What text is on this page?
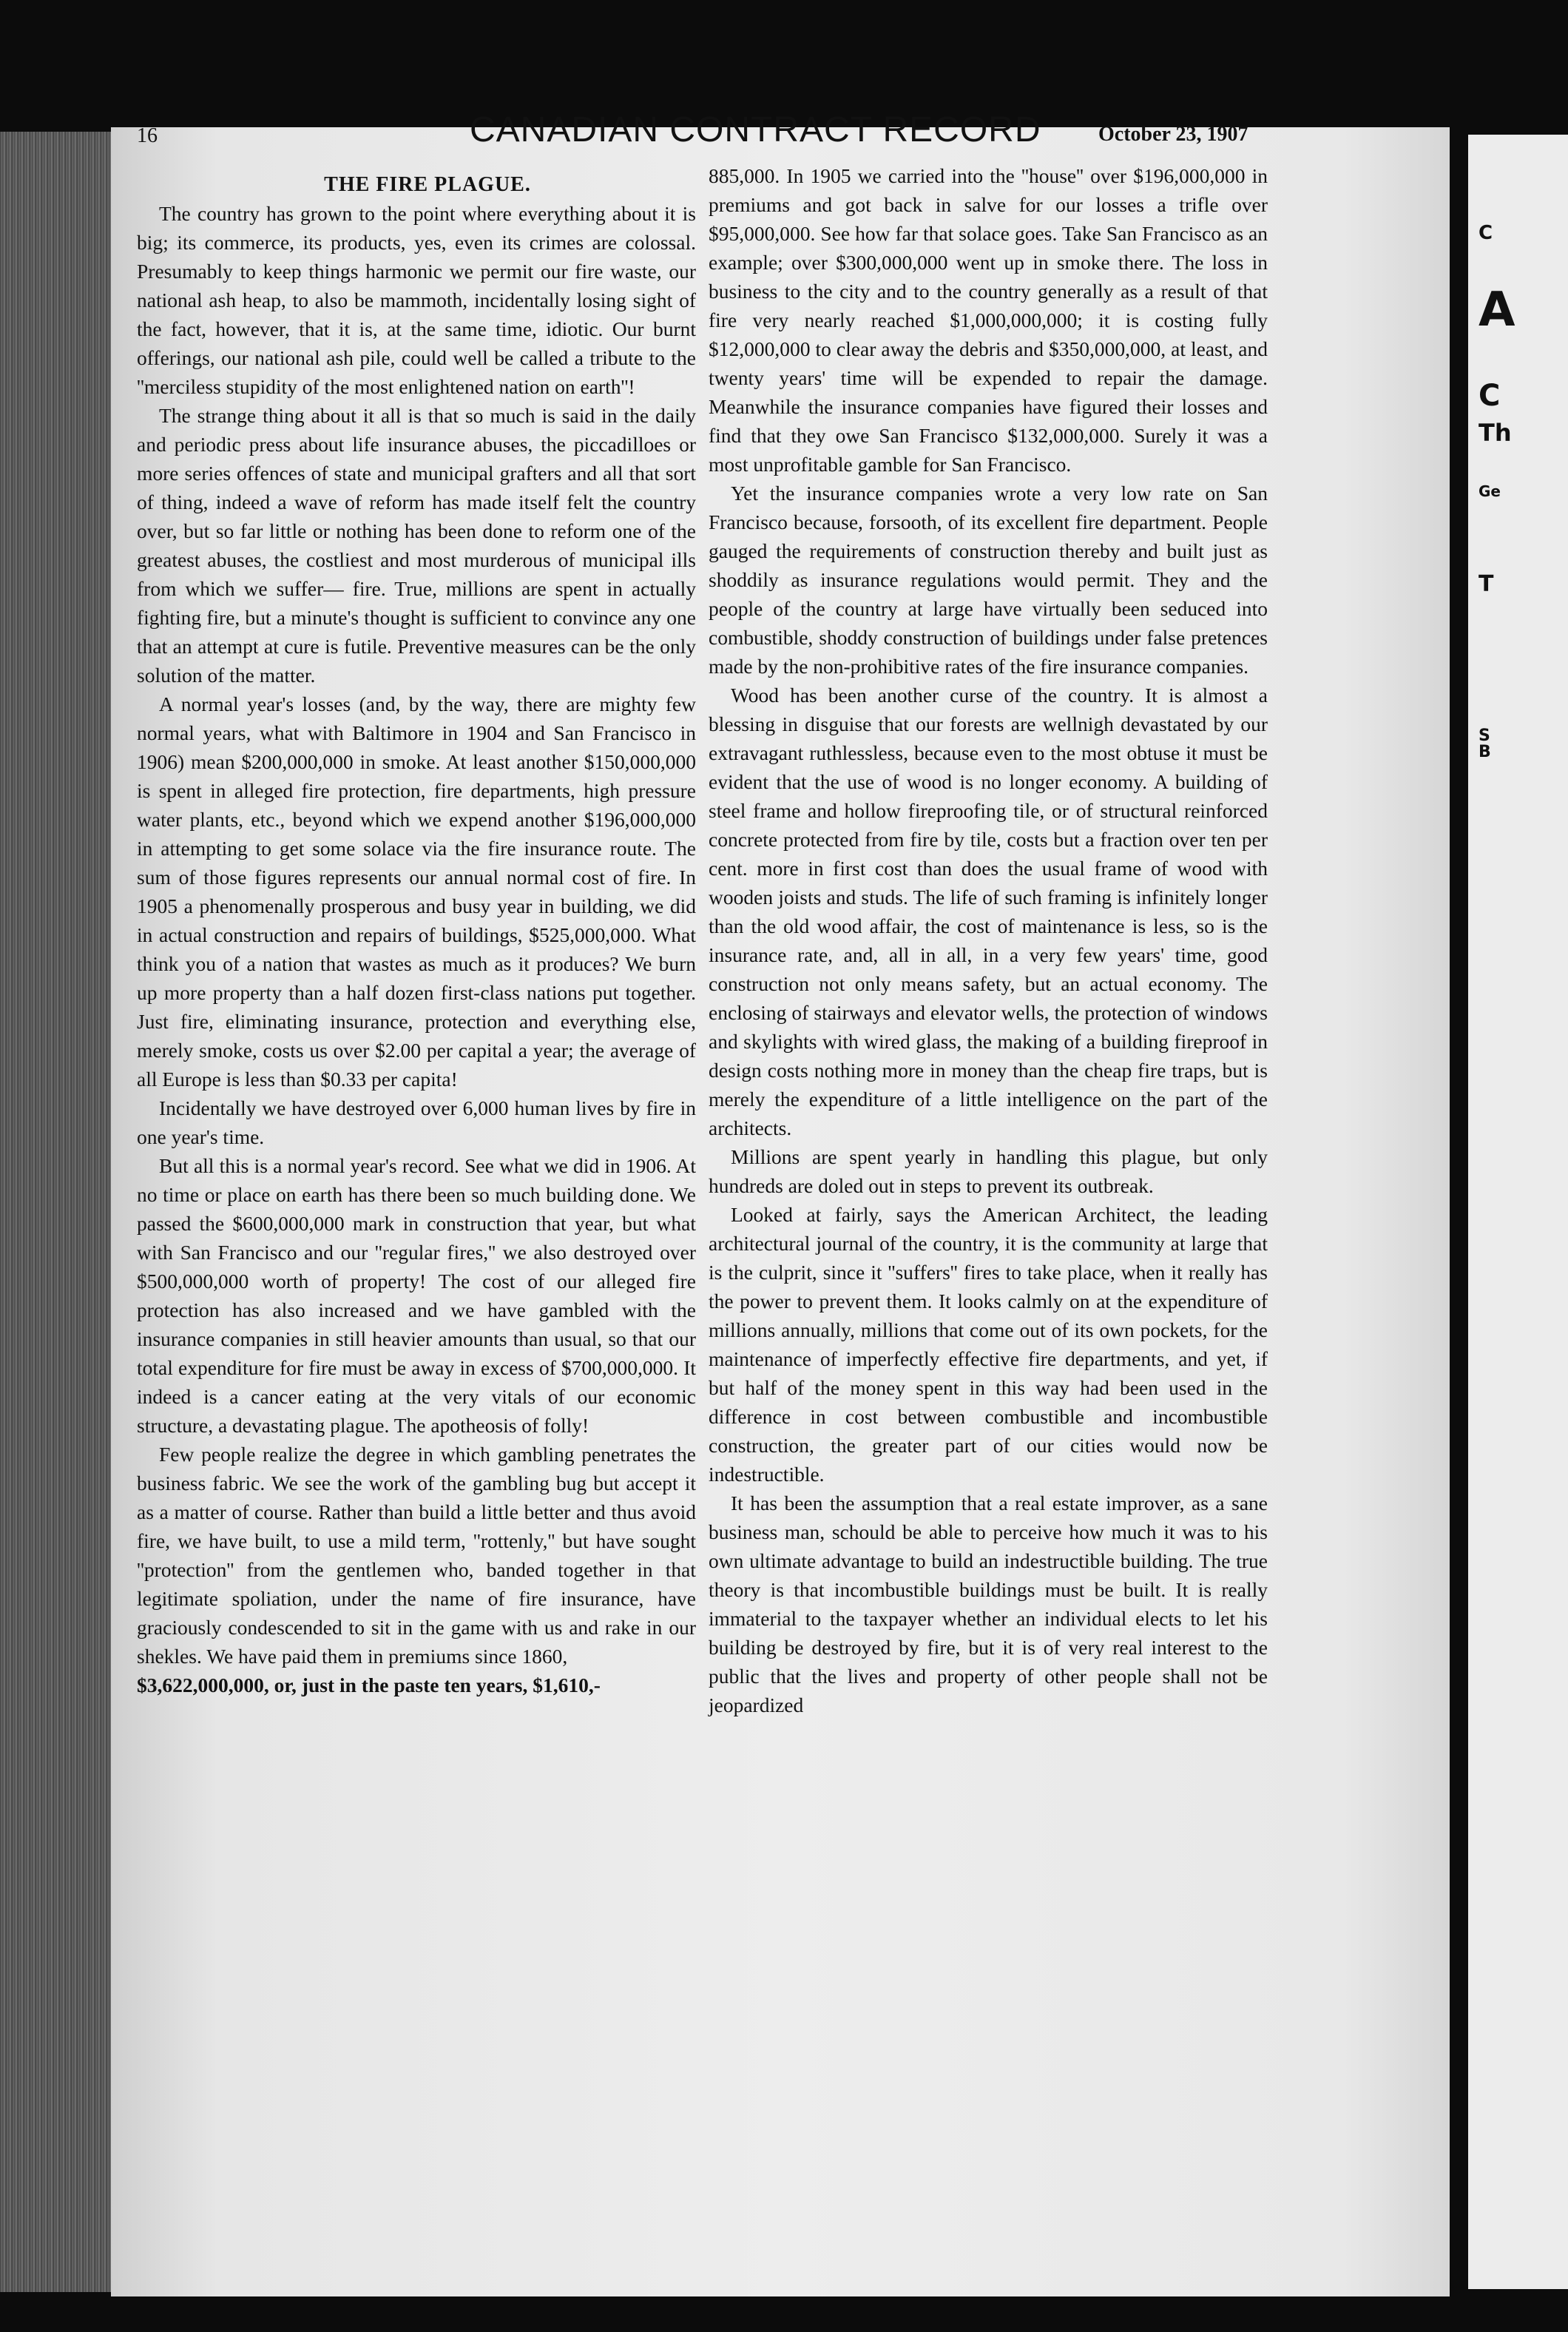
C
A
C
Th
Ge
T
S
B
16	CANADIAN CONTRACT RECORD	October 23, 1907

THE FIRE PLAGUE.

The country has grown to the point where everything about it is big; its commerce, its products, yes, even its crimes are colossal. Presumably to keep things harmonic we permit our fire waste, our national ash heap, to also be mammoth, incidentally losing sight of the fact, however, that it is, at the same time, idiotic. Our burnt offerings, our national ash pile, could well be called a tribute to the ''merciless stupidity of the most enlightened nation on earth''!

The strange thing about it all is that so much is said in the daily and periodic press about life insurance abuses, the piccadilloes or more series offences of state and municipal grafters and all that sort of thing, indeed a wave of reform has made itself felt the country over, but so far little or nothing has been done to reform one of the greatest abuses, the costliest and most murderous of municipal ills from which we suffer— fire. True, millions are spent in actually fighting fire, but a minute's thought is sufficient to convince any one that an attempt at cure is futile. Preventive measures can be the only solution of the matter.

A normal year's losses (and, by the way, there are mighty few normal years, what with Baltimore in 1904 and San Francisco in 1906) mean $200,000,000 in smoke. At least another $150,000,000 is spent in alleged fire protection, fire departments, high pressure water plants, etc., beyond which we expend another $196,000,000 in attempting to get some solace via the fire insurance route. The sum of those figures represents our annual normal cost of fire. In 1905 a phenomenally prosperous and busy year in building, we did in actual construction and repairs of buildings, $525,000,000. What think you of a nation that wastes as much as it produces? We burn up more property than a half dozen first-class nations put together. Just fire, eliminating insurance, protection and everything else, merely smoke, costs us over $2.00 per capital a year; the average of all Europe is less than $0.33 per capita!

Incidentally we have destroyed over 6,000 human lives by fire in one year's time.

But all this is a normal year's record. See what we did in 1906. At no time or place on earth has there been so much building done. We passed the $600,000,000 mark in construction that year, but what with San Francisco and our ''regular fires,'' we also destroyed over $500,000,000 worth of property! The cost of our alleged fire protection has also increased and we have gambled with the insurance companies in still heavier amounts than usual, so that our total expenditure for fire must be away in excess of $700,000,000. It indeed is a cancer eating at the very vitals of our economic structure, a devastating plague. The apotheosis of folly!

Few people realize the degree in which gambling penetrates the business fabric. We see the work of the gambling bug but accept it as a matter of course. Rather than build a little better and thus avoid fire, we have built, to use a mild term, ''rottenly,'' but have sought ''protection'' from the gentlemen who, banded together in that legitimate spoliation, under the name of fire insurance, have graciously condescended to sit in the game with us and rake in our shekles. We have paid them in premiums since 1860,

$3,622,000,000, or, just in the paste ten years, $1,610,-

885,000. In 1905 we carried into the ''house'' over $196,000,000 in premiums and got back in salve for our losses a trifle over $95,000,000. See how far that solace goes. Take San Francisco as an example; over $300,000,000 went up in smoke there. The loss in business to the city and to the country generally as a result of that fire very nearly reached $1,000,000,000; it is costing fully $12,000,000 to clear away the debris and $350,000,000, at least, and twenty years' time will be expended to repair the damage. Meanwhile the insurance companies have figured their losses and find that they owe San Francisco $132,000,000. Surely it was a most unprofitable gamble for San Francisco.

Yet the insurance companies wrote a very low rate on San Francisco because, forsooth, of its excellent fire department. People gauged the requirements of construction thereby and built just as shoddily as insurance regulations would permit. They and the people of the country at large have virtually been seduced into combustible, shoddy construction of buildings under false pretences made by the non-prohibitive rates of the fire insurance companies.

Wood has been another curse of the country. It is almost a blessing in disguise that our forests are wellnigh devastated by our extravagant ruthlessless, because even to the most obtuse it must be evident that the use of wood is no longer economy. A building of steel frame and hollow fireproofing tile, or of structural reinforced concrete protected from fire by tile, costs but a fraction over ten per cent. more in first cost than does the usual frame of wood with wooden joists and studs. The life of such framing is infinitely longer than the old wood affair, the cost of maintenance is less, so is the insurance rate, and, all in all, in a very few years' time, good construction not only means safety, but an actual economy. The enclosing of stairways and elevator wells, the protection of windows and skylights with wired glass, the making of a building fireproof in design costs nothing more in money than the cheap fire traps, but is merely the expenditure of a little intelligence on the part of the architects.

Millions are spent yearly in handling this plague, but only hundreds are doled out in steps to prevent its outbreak.

Looked at fairly, says the American Architect, the leading architectural journal of the country, it is the community at large that is the culprit, since it ''suffers'' fires to take place, when it really has the power to prevent them. It looks calmly on at the expenditure of millions annually, millions that come out of its own pockets, for the maintenance of imperfectly effective fire departments, and yet, if but half of the money spent in this way had been used in the difference in cost between combustible and incombustible construction, the greater part of our cities would now be indestructible.

It has been the assumption that a real estate improver, as a sane business man, schould be able to perceive how much it was to his own ultimate advantage to build an indestructible building. The true theory is that incombustible buildings must be built. It is really immaterial to the taxpayer whether an individual elects to let his building be destroyed by fire, but it is of very real interest to the public that the lives and property of other people shall not be jeopardized
